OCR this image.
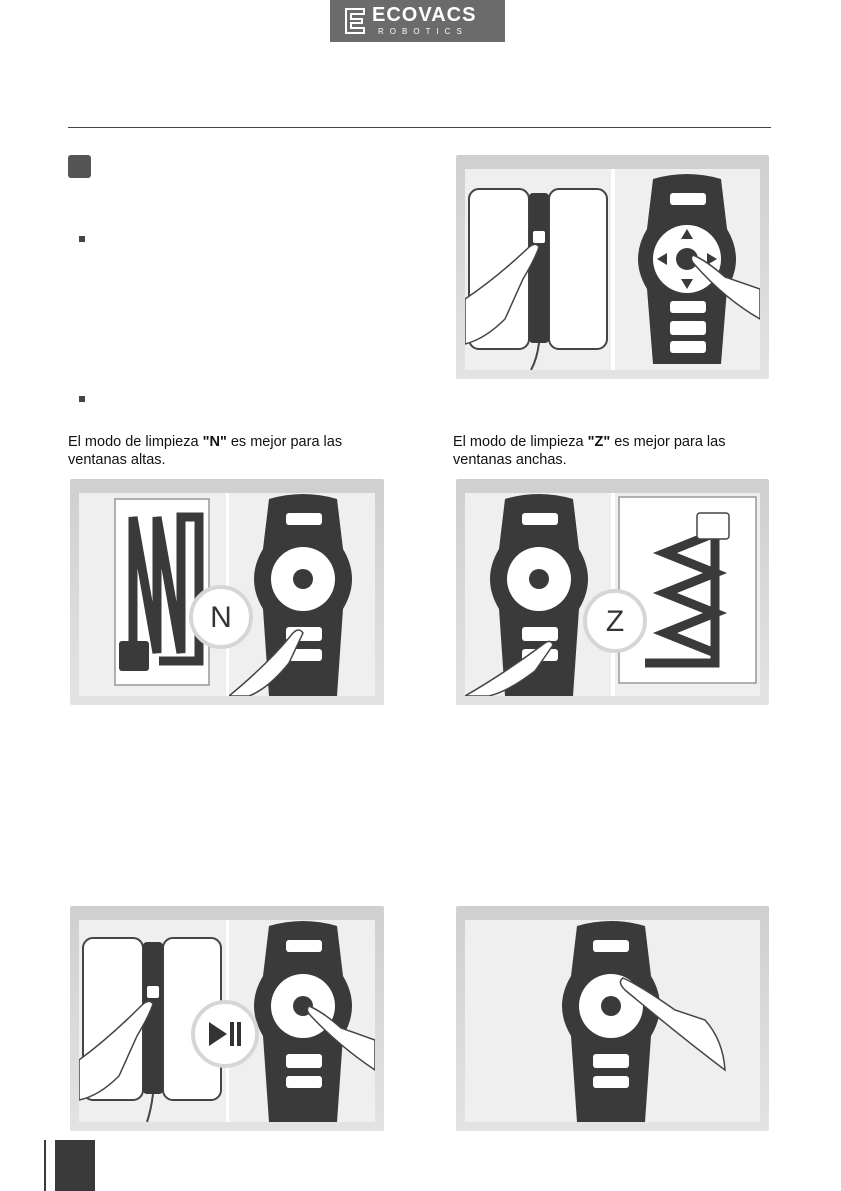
ECOVACS
ROBOTICS
El modo de limpieza "N" es mejor para las
ventanas altas.
El modo de limpieza "Z" es mejor para las
ventanas anchas.
N	Z
